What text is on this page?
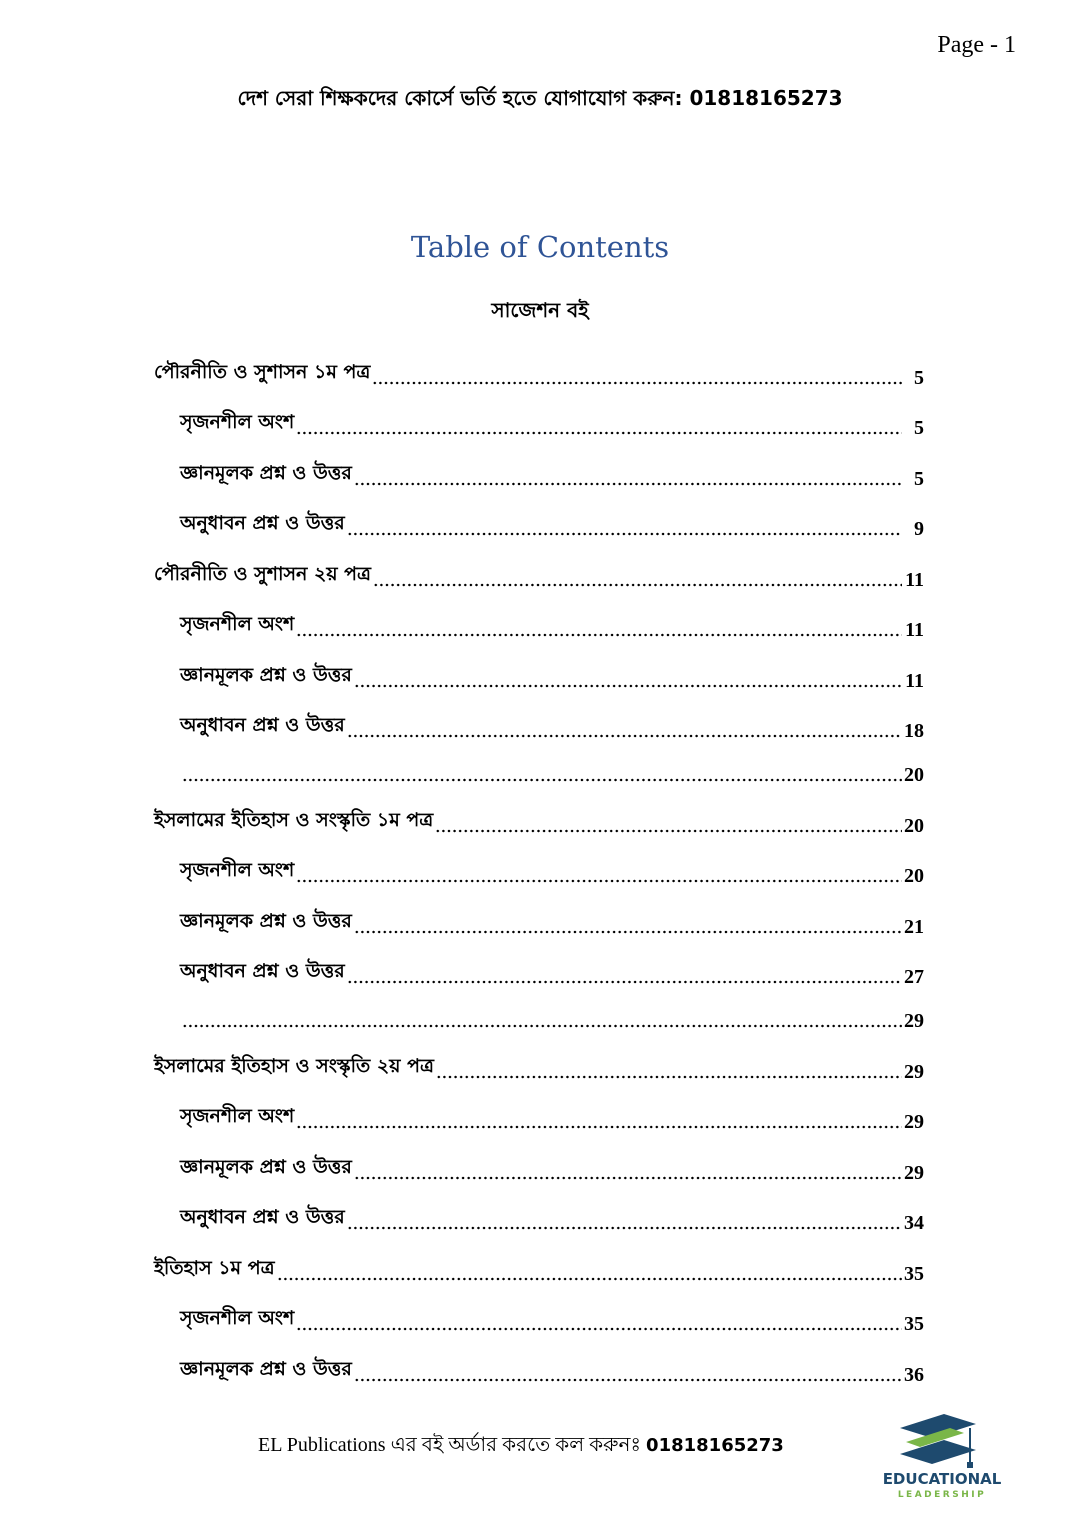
Page - 1
দেশ সেরা শিক্ষকদের কোর্সে ভর্তি হতে যোগাযোগ করুন: 01818165273
Table of Contents
সাজেশন বই
পৌরনীতি ও সুশাসন ১ম পত্র	5
সৃজনশীল অংশ	5
জ্ঞানমূলক প্রশ্ন ও উত্তর	5
অনুধাবন প্রশ্ন ও উত্তর	9
পৌরনীতি ও সুশাসন ২য় পত্র	11
সৃজনশীল অংশ	11
জ্ঞানমূলক প্রশ্ন ও উত্তর	11
অনুধাবন প্রশ্ন ও উত্তর	18
20
ইসলামের ইতিহাস ও সংস্কৃতি ১ম পত্র	20
সৃজনশীল অংশ	20
জ্ঞানমূলক প্রশ্ন ও উত্তর	21
অনুধাবন প্রশ্ন ও উত্তর	27
29
ইসলামের ইতিহাস ও সংস্কৃতি ২য় পত্র	29
সৃজনশীল অংশ	29
জ্ঞানমূলক প্রশ্ন ও উত্তর	29
অনুধাবন প্রশ্ন ও উত্তর	34
ইতিহাস ১ম পত্র	35
সৃজনশীল অংশ	35
জ্ঞানমূলক প্রশ্ন ও উত্তর	36
EL Publications এর বই অর্ডার করতে কল করুনঃ 01818165273
EDUCATIONAL
LEADERSHIP
